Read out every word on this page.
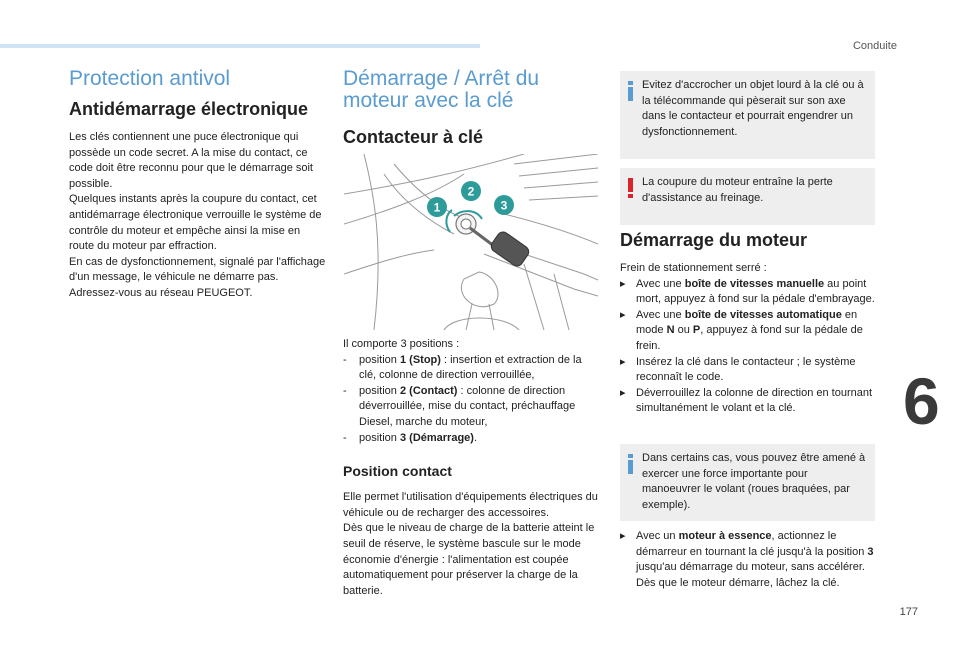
Conduite
6
177
Protection antivol
Antidémarrage électronique

Les clés contiennent une puce électronique qui possède un code secret. A la mise du contact, ce code doit être reconnu pour que le démarrage soit possible.

Quelques instants après la coupure du contact, cet antidémarrage électronique verrouille le système de contrôle du moteur et empêche ainsi la mise en route du moteur par effraction.

En cas de dysfonctionnement, signalé par l'affichage d'un message, le véhicule ne démarre pas.

Adressez-vous au réseau PEUGEOT.

Démarrage / Arrêt du
moteur avec la clé
Contacteur à clé
1
2
3

Il comporte 3 positions :

- position 1 (Stop) : insertion et extraction de la clé, colonne de direction verrouillée,
- position 2 (Contact) : colonne de direction déverrouillée, mise du contact, préchauffage Diesel, marche du moteur,
- position 3 (Démarrage).
Position contact

Elle permet l'utilisation d'équipements électriques du véhicule ou de recharger des accessoires.

Dès que le niveau de charge de la batterie atteint le seuil de réserve, le système bascule sur le mode économie d'énergie : l'alimentation est coupée automatiquement pour préserver la charge de la batterie.

Evitez d'accrocher un objet lourd à la clé ou à la télécommande qui pèserait sur son axe dans le contacteur et pourrait engendrer un dysfonctionnement.
La coupure du moteur entraîne la perte d'assistance au freinage.
Démarrage du moteur

Frein de stationnement serré :

▸ Avec une boîte de vitesses manuelle au point mort, appuyez à fond sur la pédale d'embrayage.
▸ Avec une boîte de vitesses automatique en mode N ou P, appuyez à fond sur la pédale de frein.
▸ Insérez la clé dans le contacteur ; le système reconnaît le code.
▸ Déverrouillez la colonne de direction en tournant simultanément le volant et la clé.
Dans certains cas, vous pouvez être amené à exercer une force importante pour manoeuvrer le volant (roues braquées, par exemple).
▸ Avec un moteur à essence, actionnez le démarreur en tournant la clé jusqu'à la position 3 jusqu'au démarrage du moteur, sans accélérer. Dès que le moteur démarre, lâchez la clé.
